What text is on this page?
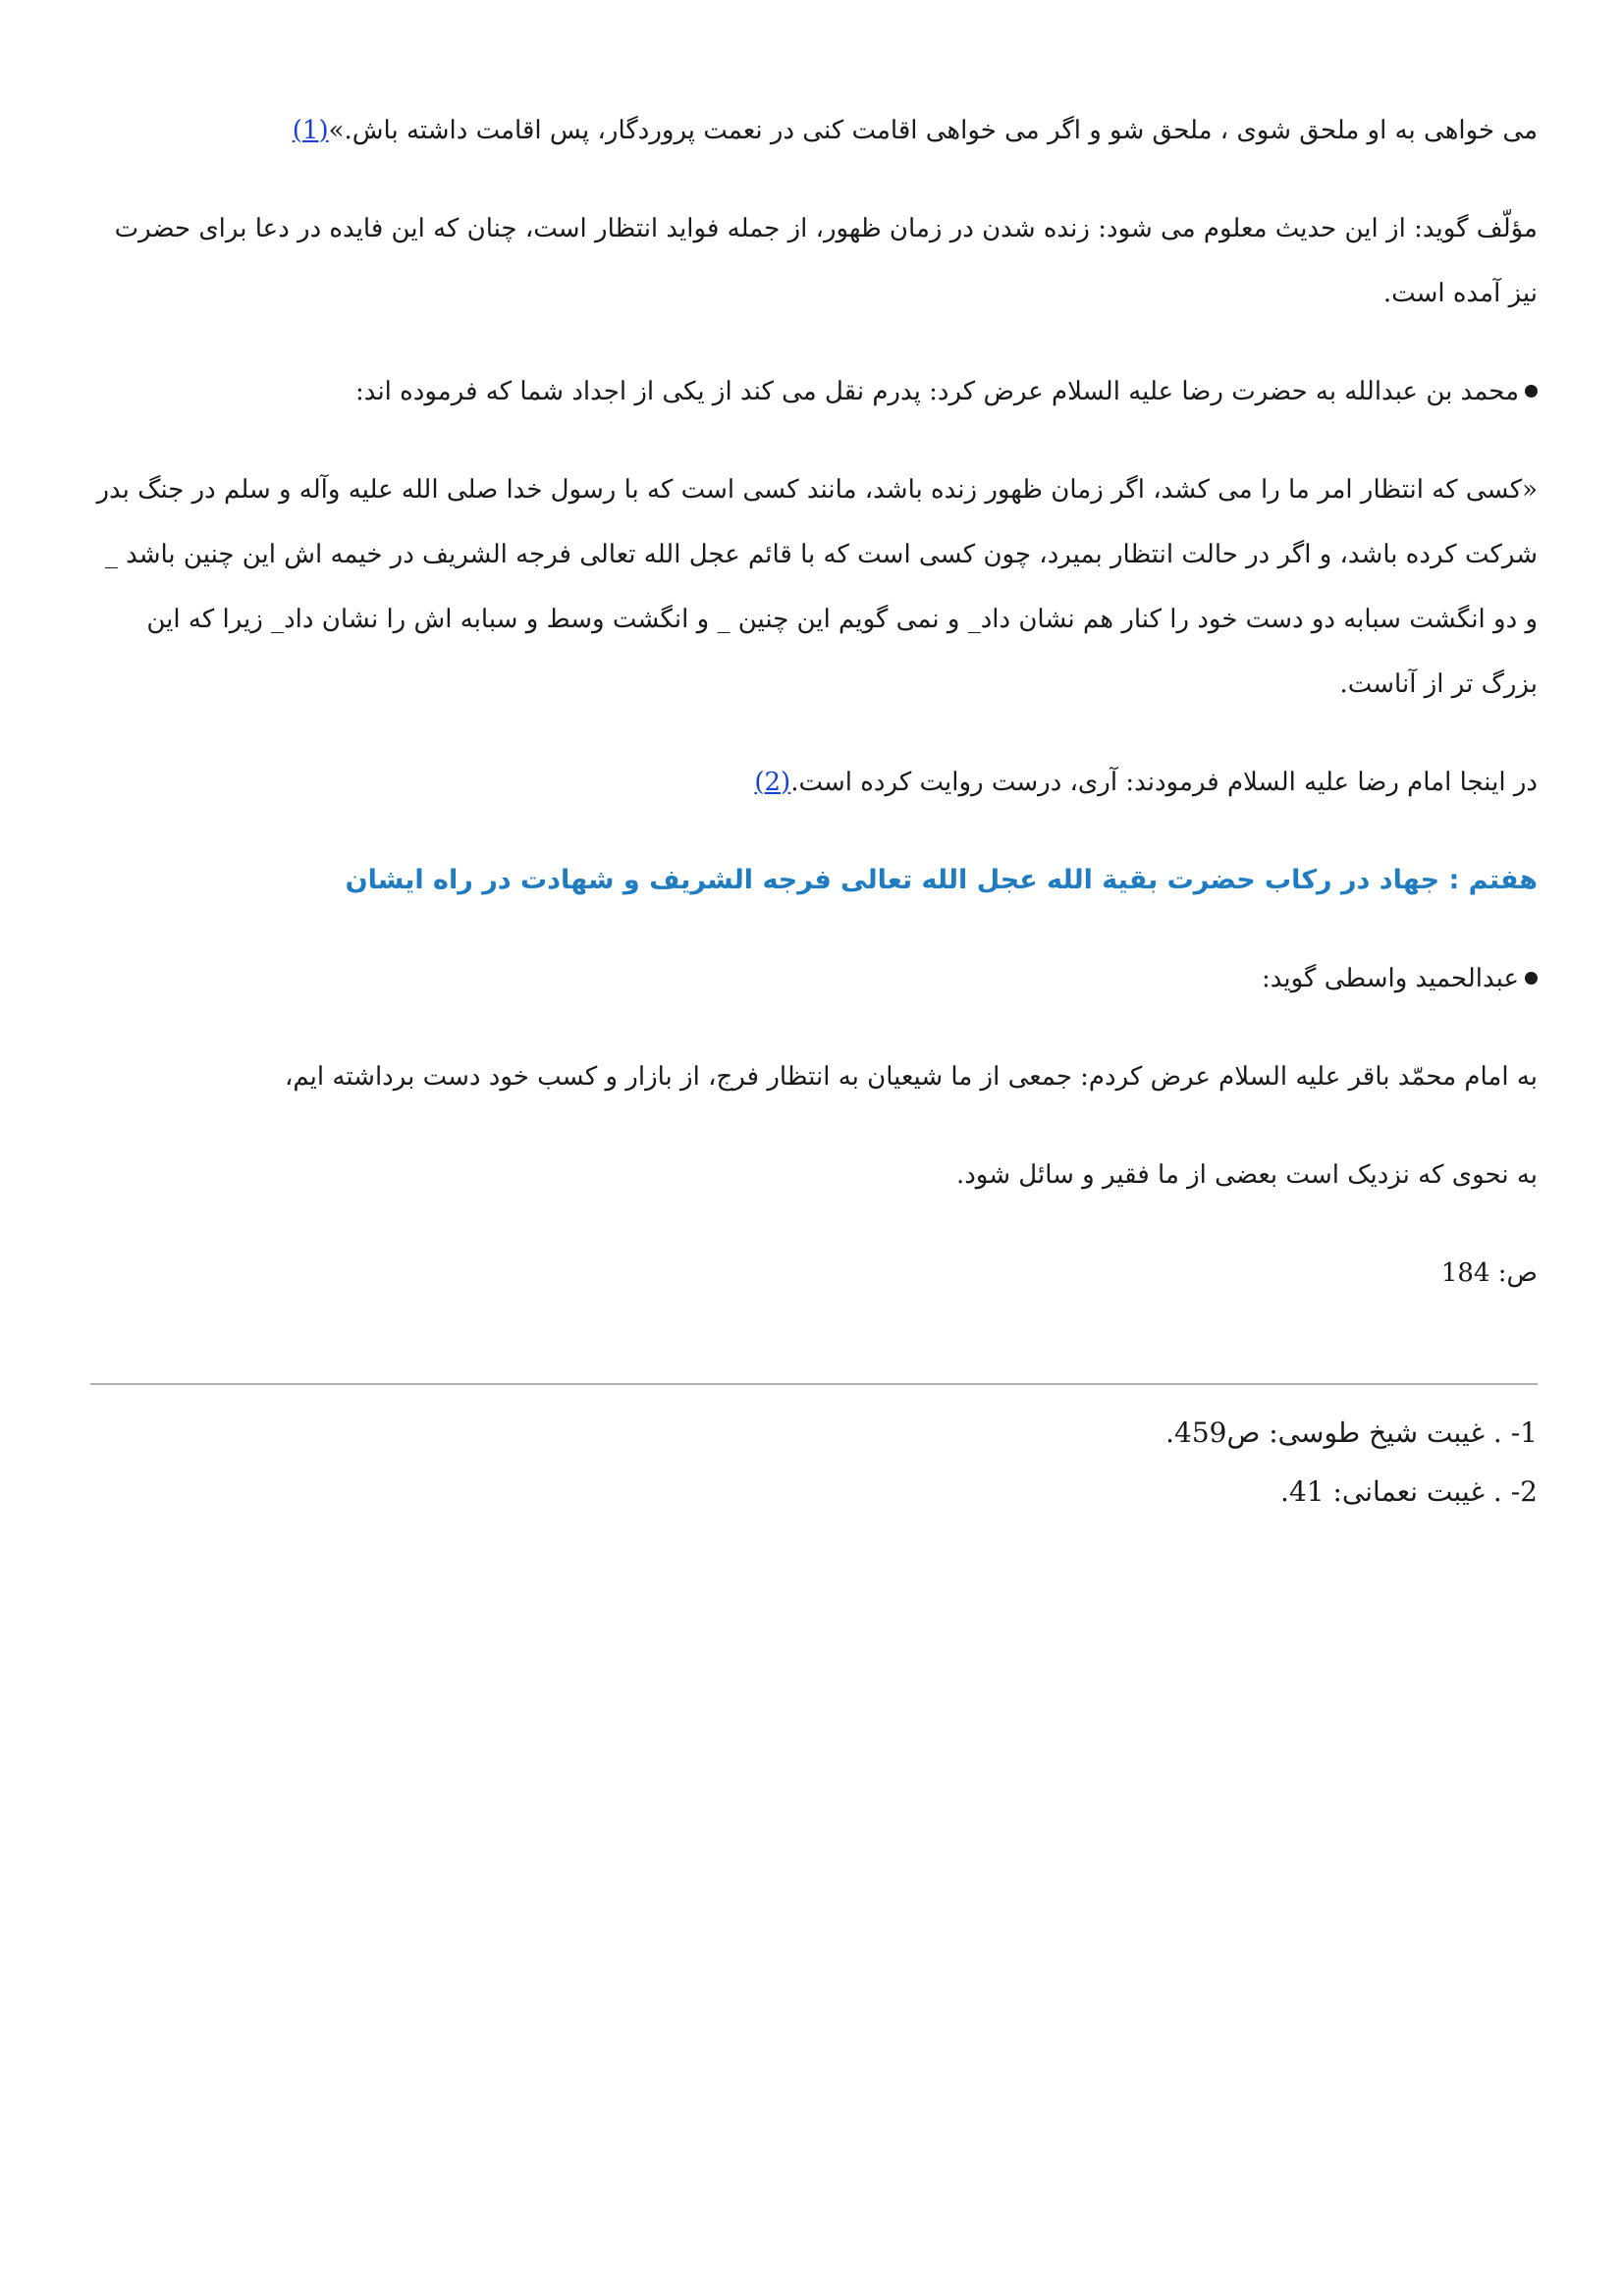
می خواهی به او ملحق شوی ، ملحق شو و اگر می خواهی اقامت کنی در نعمت پروردگار، پس اقامت داشته باش.»(1)

مؤلّف گوید: از این حدیث معلوم می شود: زنده شدن در زمان ظهور، از جمله فواید انتظار است، چنان که این فایده در دعا برای حضرت نیز آمده است.

محمد بن عبدالله به حضرت رضا علیه السلام عرض کرد: پدرم نقل می کند از یکی از اجداد شما که فرموده اند:

«کسی که انتظار امر ما را می کشد، اگر زمان ظهور زنده باشد، مانند کسی است که با رسول خدا صلی الله علیه وآله و سلم در جنگ بدر شرکت کرده باشد، و اگر در حالت انتظار بمیرد، چون کسی است که با قائم عجل الله تعالی فرجه الشریف در خیمه اش این چنین باشد _ و دو انگشت سبابه دو دست خود را کنار هم نشان داد_ و نمی گویم این چنین _ و انگشت وسط و سبابه اش را نشان داد_ زیرا که این بزرگ تر از آناست.

در اینجا امام رضا علیه السلام فرمودند: آری، درست روایت کرده است.(2)

هفتم : جهاد در رکاب حضرت بقیة الله عجل الله تعالی فرجه الشریف و شهادت در راه ایشان

عبدالحمید واسطی گوید:

به امام محمّد باقر علیه السلام عرض کردم: جمعی از ما شیعیان به انتظار فرج، از بازار و کسب خود دست برداشته ایم،

به نحوی که نزدیک است بعضی از ما فقیر و سائل شود.

ص: 184

1- . غیبت شیخ طوسی: ص459.
2- . غیبت نعمانی: 41.
